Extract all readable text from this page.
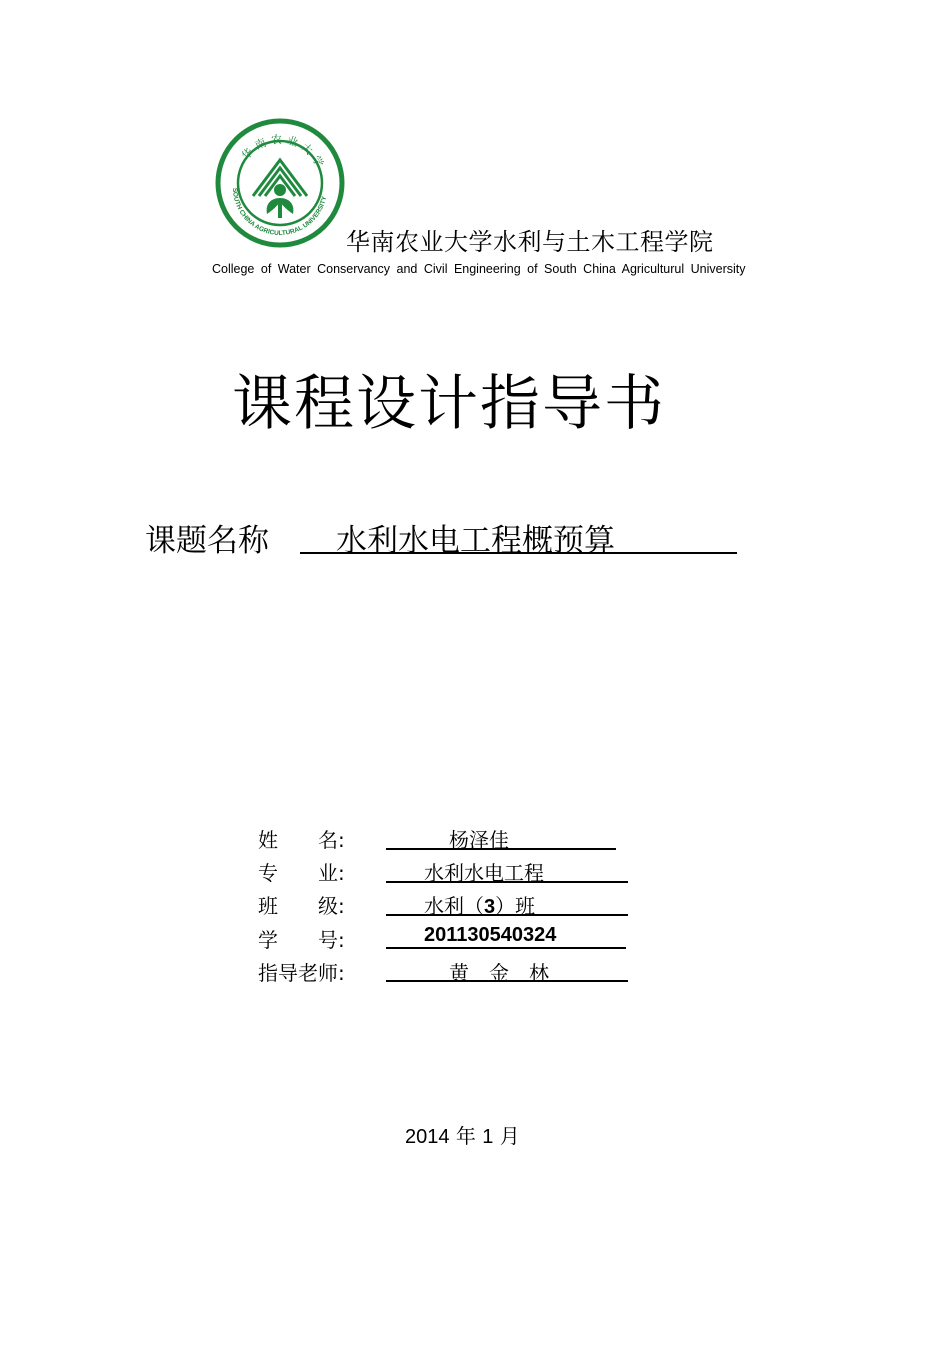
SOUTH CHINA AGRICULTURAL UNIVERSITY
华南农业大学
华南农业大学水利与土木工程学院
College of Water Conservancy and Civil Engineering of South China Agriculturul University
课程设计指导书
课题名称 水利水电工程概预算
姓　　名:	杨泽佳
专　　业:	水利水电工程
班　　级:	水利（3）班
学　　号:	201130540324
指导老师:	黄　金　林
2014 年 1 月
